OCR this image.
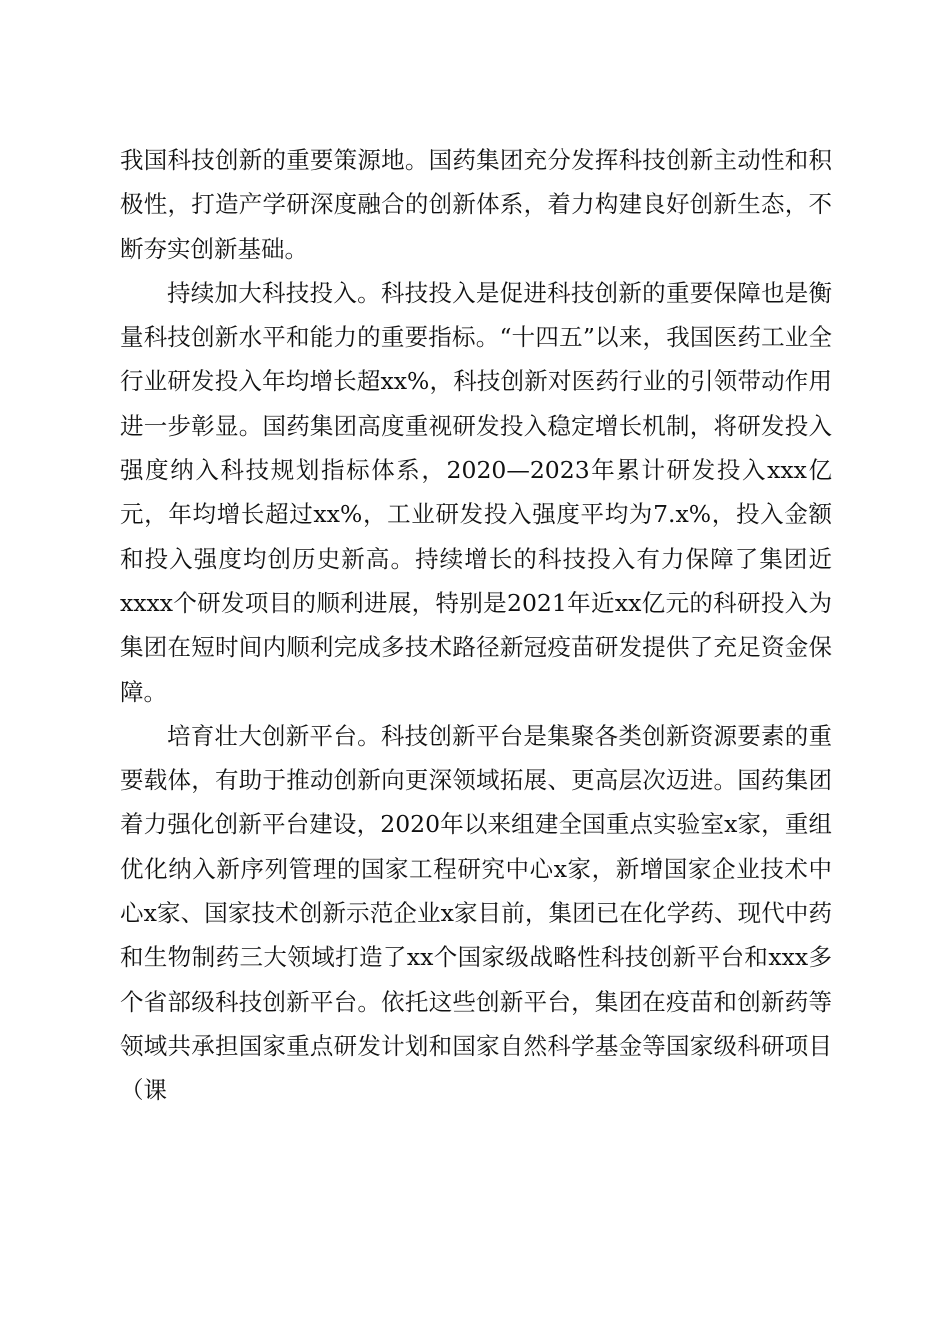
我国科技创新的重要策源地。国药集团充分发挥科技创新主动性和积极性，打造产学研深度融合的创新体系，着力构建良好创新生态，不断夯实创新基础。

持续加大科技投入。科技投入是促进科技创新的重要保障也是衡量科技创新水平和能力的重要指标。“十四五”以来，我国医药工业全行业研发投入年均增长超xx%，科技创新对医药行业的引领带动作用进一步彰显。国药集团高度重视研发投入稳定增长机制，将研发投入强度纳入科技规划指标体系，2020—2023年累计研发投入xxx亿元，年均增长超过xx%，工业研发投入强度平均为7.x%，投入金额和投入强度均创历史新高。持续增长的科技投入有力保障了集团近xxxx个研发项目的顺利进展，特别是2021年近xx亿元的科研投入为集团在短时间内顺利完成多技术路径新冠疫苗研发提供了充足资金保障。

培育壮大创新平台。科技创新平台是集聚各类创新资源要素的重要载体，有助于推动创新向更深领域拓展、更高层次迈进。国药集团着力强化创新平台建设，2020年以来组建全国重点实验室x家，重组优化纳入新序列管理的国家工程研究中心x家，新增国家企业技术中心x家、国家技术创新示范企业x家目前，集团已在化学药、现代中药和生物制药三大领域打造了xx个国家级战略性科技创新平台和xxx多个省部级科技创新平台。依托这些创新平台，集团在疫苗和创新药等领域共承担国家重点研发计划和国家自然科学基金等国家级科研项目（课
